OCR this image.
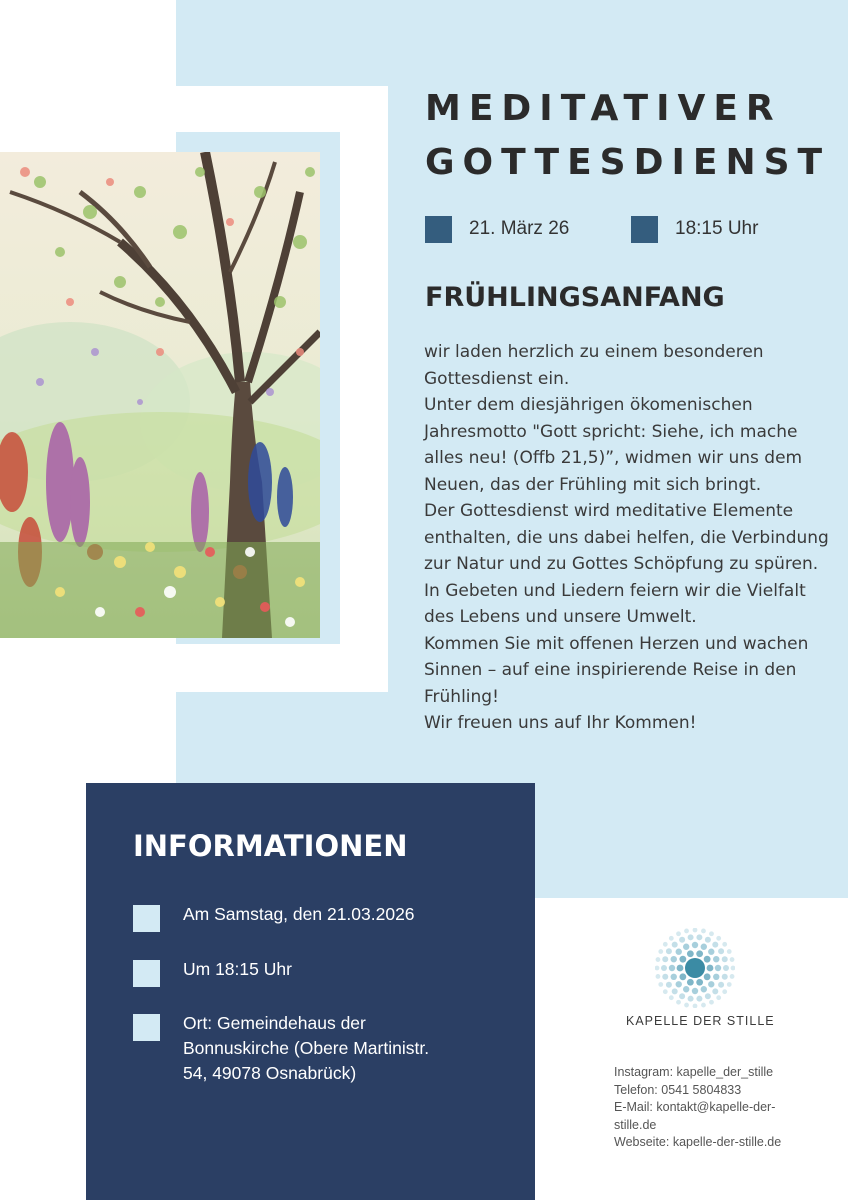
MEDITATIVER
GOTTESDIENST
21. März 26	18:15 Uhr
FRÜHLINGSANFANG

wir laden herzlich zu einem besonderen Gottesdienst ein.

Unter dem diesjährigen ökomenischen Jahresmotto "Gott spricht: Siehe, ich mache alles neu! (Offb 21,5)”, widmen wir uns dem Neuen, das der Frühling mit sich bringt.

Der Gottesdienst wird meditative Elemente enthalten, die uns dabei helfen, die Verbindung zur Natur und zu Gottes Schöpfung zu spüren. In Gebeten und Liedern feiern wir die Vielfalt des Lebens und unsere Umwelt.

Kommen Sie mit offenen Herzen und wachen Sinnen – auf eine inspirierende Reise in den Frühling!

Wir freuen uns auf Ihr Kommen!

INFORMATIONEN
Am Samstag, den 21.03.2026
Um 18:15 Uhr
Ort: Gemeindehaus der Bonnuskirche (Obere Martinistr. 54, 49078 Osnabrück)
KAPELLE DER STILLE
Instagram: kapelle_der_stille
Telefon: 0541 5804833
E-Mail: kontakt@kapelle-der-
stille.de
Webseite: kapelle-der-stille.de
